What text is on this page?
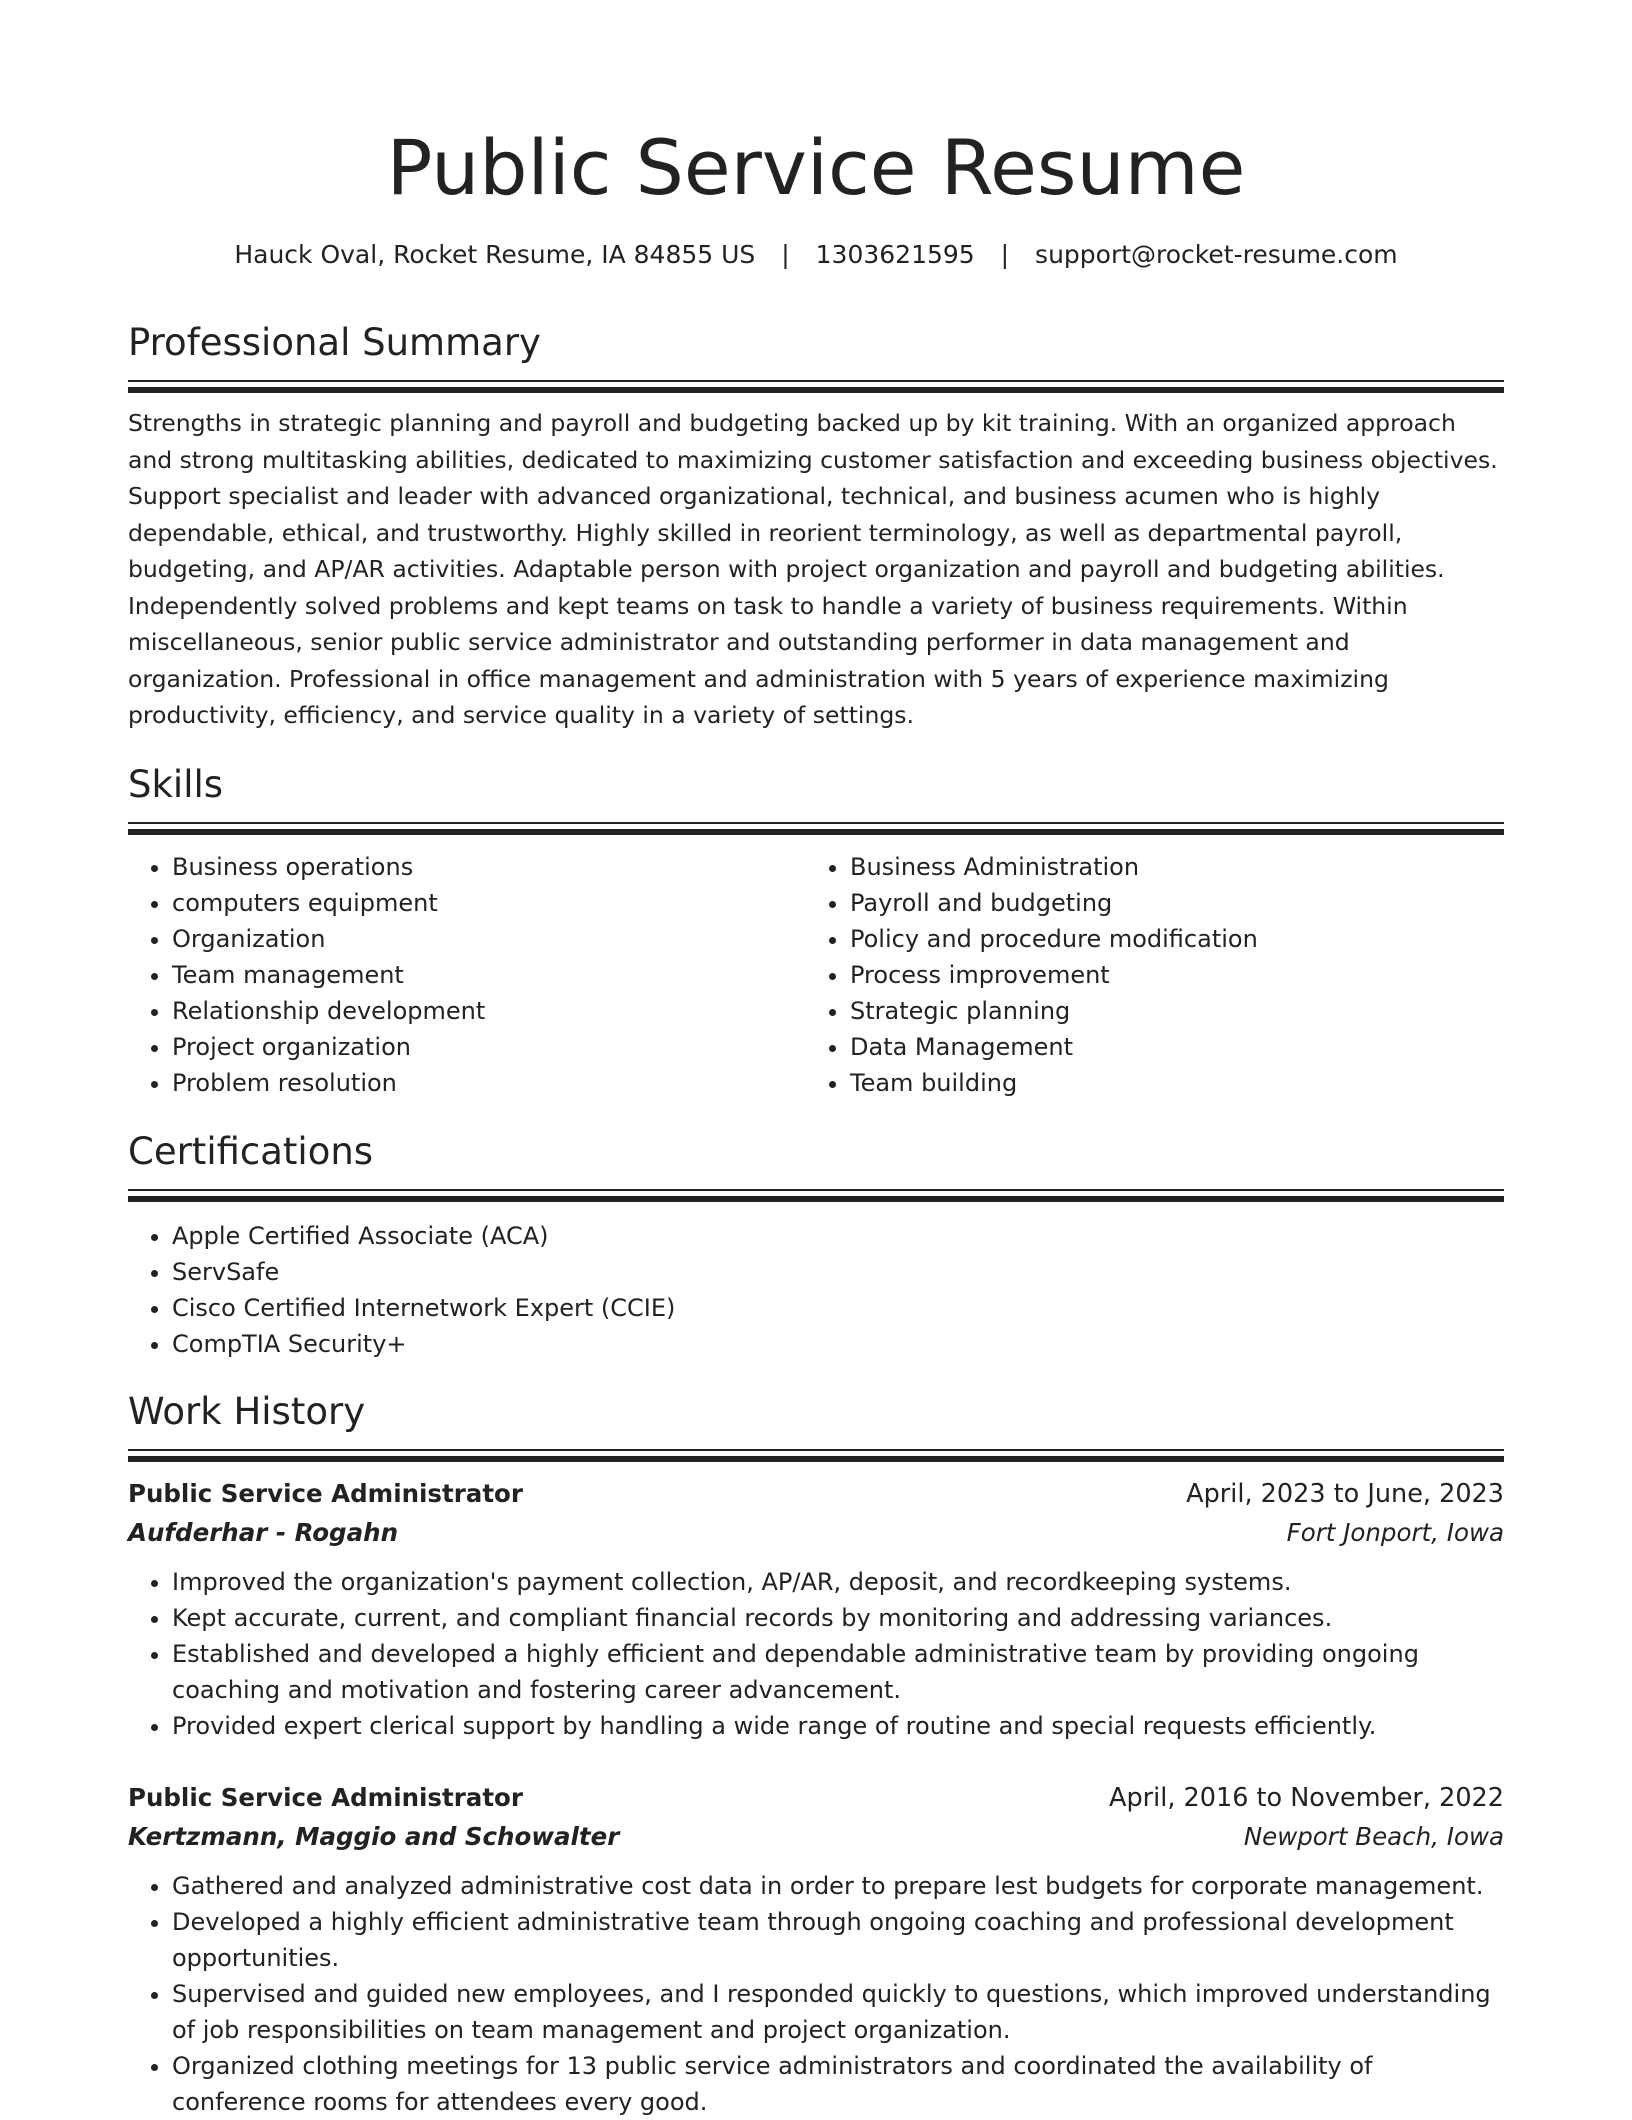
Public Service Resume
Hauck Oval, Rocket Resume, IA 84855 US | 1303621595 | support@rocket-resume.com
Professional Summary
Strengths in strategic planning and payroll and budgeting backed up by kit training. With an organized approach and strong multitasking abilities, dedicated to maximizing customer satisfaction and exceeding business objectives. Support specialist and leader with advanced organizational, technical, and business acumen who is highly dependable, ethical, and trustworthy. Highly skilled in reorient terminology, as well as departmental payroll, budgeting, and AP/AR activities. Adaptable person with project organization and payroll and budgeting abilities. Independently solved problems and kept teams on task to handle a variety of business requirements. Within miscellaneous, senior public service administrator and outstanding performer in data management and organization. Professional in office management and administration with 5 years of experience maximizing productivity, efficiency, and service quality in a variety of settings.
Skills
• Business operations
• computers equipment
• Organization
• Team management
• Relationship development
• Project organization
• Problem resolution
• Business Administration
• Payroll and budgeting
• Policy and procedure modification
• Process improvement
• Strategic planning
• Data Management
• Team building
Certifications
• Apple Certified Associate (ACA)
• ServSafe
• Cisco Certified Internetwork Expert (CCIE)
• CompTIA Security+
Work History
Public Service Administrator	April, 2023 to June, 2023
Aufderhar - Rogahn	Fort Jonport, Iowa
• Improved the organization's payment collection, AP/AR, deposit, and recordkeeping systems.
• Kept accurate, current, and compliant financial records by monitoring and addressing variances.
• Established and developed a highly efficient and dependable administrative team by providing ongoing coaching and motivation and fostering career advancement.
• Provided expert clerical support by handling a wide range of routine and special requests efficiently.
Public Service Administrator	April, 2016 to November, 2022
Kertzmann, Maggio and Schowalter	Newport Beach, Iowa
• Gathered and analyzed administrative cost data in order to prepare lest budgets for corporate management.
• Developed a highly efficient administrative team through ongoing coaching and professional development opportunities.
• Supervised and guided new employees, and I responded quickly to questions, which improved understanding of job responsibilities on team management and project organization.
• Organized clothing meetings for 13 public service administrators and coordinated the availability of conference rooms for attendees every good.
